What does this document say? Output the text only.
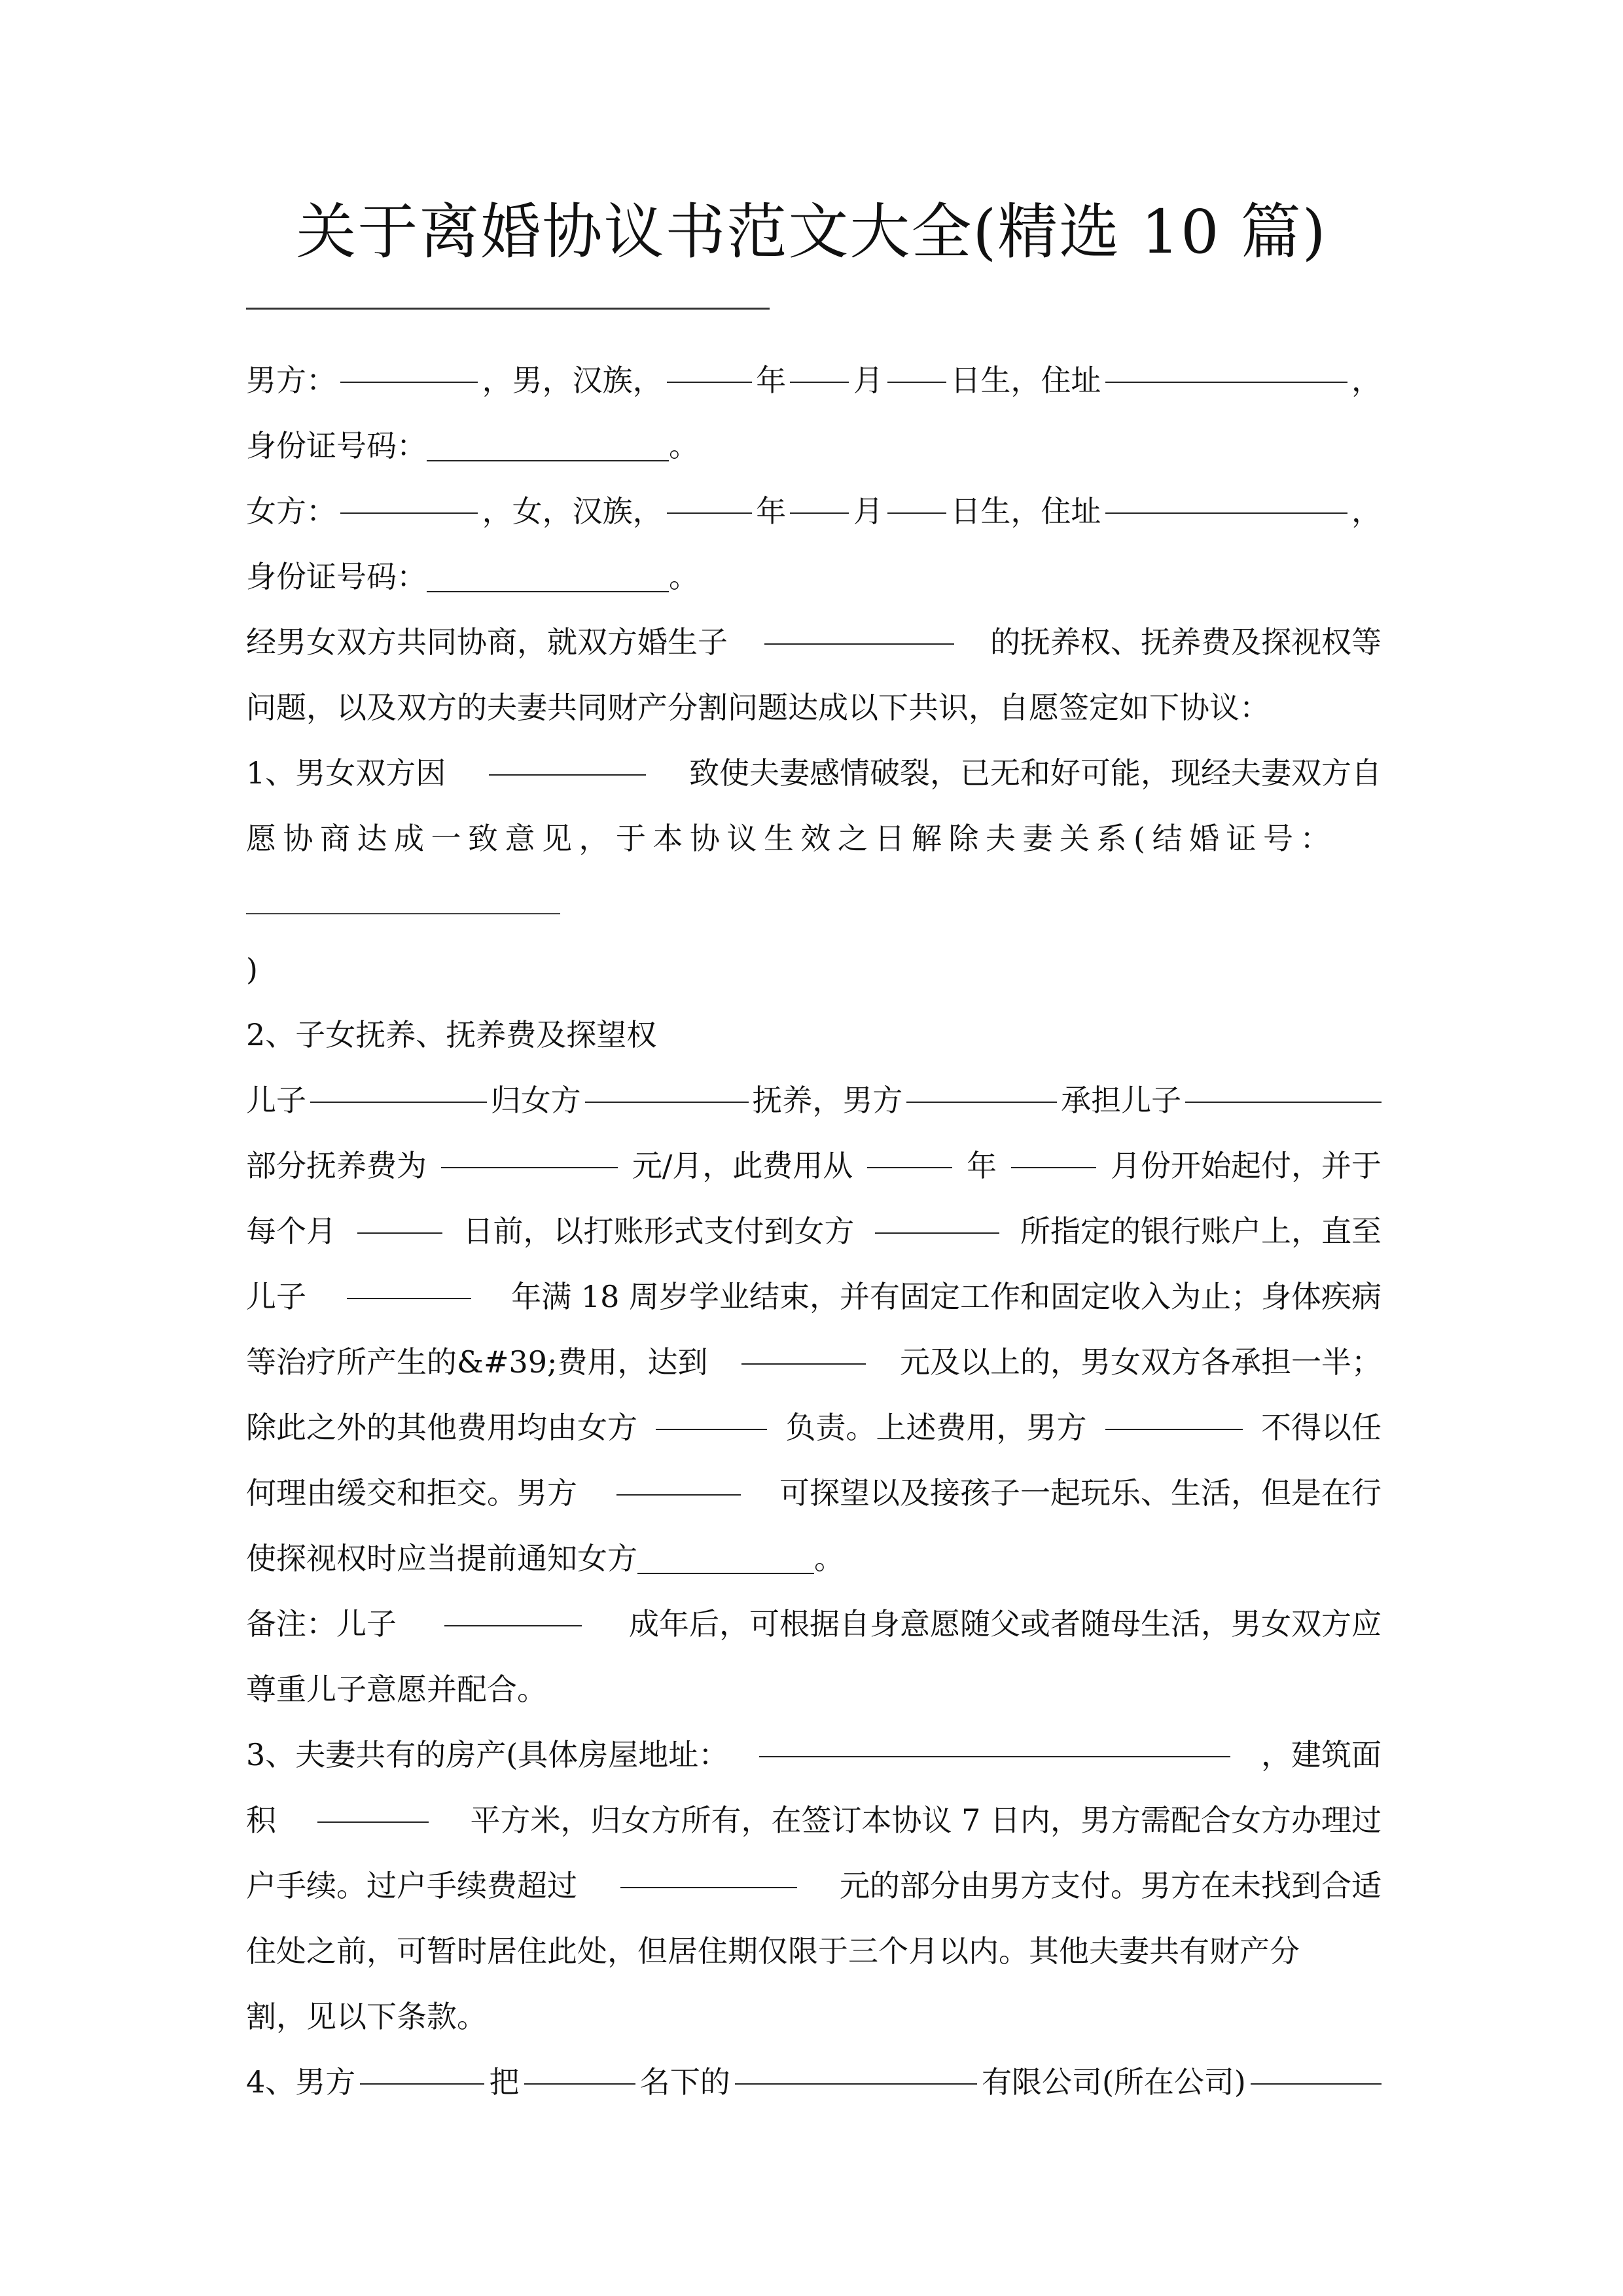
关于离婚协议书范文大全(精选 10 篇)
男方：	，男，汉族，	年 月 日生，住址	，
身份证号码：	。
女方：	，女，汉族，	年 月 日生，住址	，
身份证号码：	。
经男女双方共同协商，就双方婚生子	的抚养权、抚养费及探视权等
问题，以及双方的夫妻共同财产分割问题达成以下共识，自愿签定如下协议：
1、男女双方因	致使夫妻感情破裂，已无和好可能，现经夫妻双方自
愿协商达成一致意见，于本协议生效之日解除夫妻关系(结婚证号：
)
2、子女抚养、抚养费及探望权
儿子	归女方	抚养，男方	承担儿子
部分抚养费为	元/月，此费用从	年	月份开始起付，并于
每个月	日前，以打账形式支付到女方	所指定的银行账户上，直至
儿子	年满 18 周岁学业结束，并有固定工作和固定收入为止；身体疾病
等治疗所产生的&#39;费用，达到	元及以上的，男女双方各承担一半；
除此之外的其他费用均由女方	负责。上述费用，男方	不得以任
何理由缓交和拒交。男方	可探望以及接孩子一起玩乐、生活，但是在行
使探视权时应当提前通知女方	。
备注：儿子	成年后，可根据自身意愿随父或者随母生活，男女双方应
尊重儿子意愿并配合。
3、夫妻共有的房产(具体房屋地址：	，建筑面
积	平方米，归女方所有，在签订本协议 7 日内，男方需配合女方办理过
户手续。过户手续费超过	元的部分由男方支付。男方在未找到合适
住处之前，可暂时居住此处，但居住期仅限于三个月以内。其他夫妻共有财产分
割，见以下条款。
4、男方	把	名下的	有限公司(所在公司)
